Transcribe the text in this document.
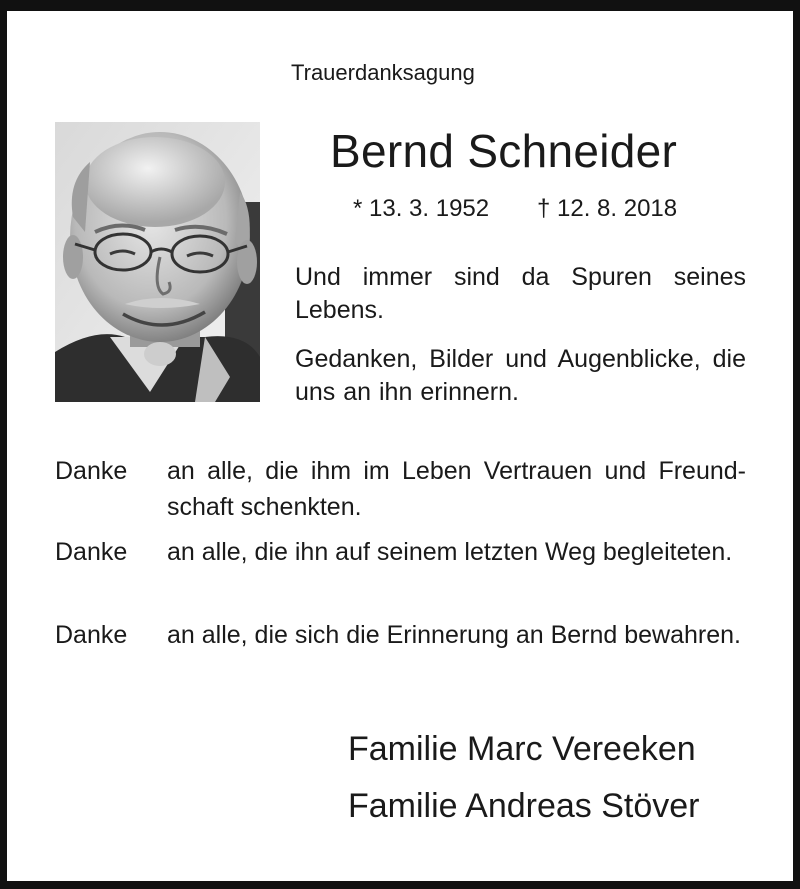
Trauerdanksagung
Bernd Schneider
* 13. 3. 1952 † 12. 8. 2018
Und immer sind da Spuren seines Lebens.
Gedanken, Bilder und Augenblicke, die uns an ihn erinnern.
Danke an alle, die ihm im Leben Vertrauen und Freundschaft schenkten.
Danke an alle, die ihn auf seinem letzten Weg begleiteten.
Danke an alle, die sich die Erinnerung an Bernd bewahren.
Familie Marc Vereeken
Familie Andreas Stöver
